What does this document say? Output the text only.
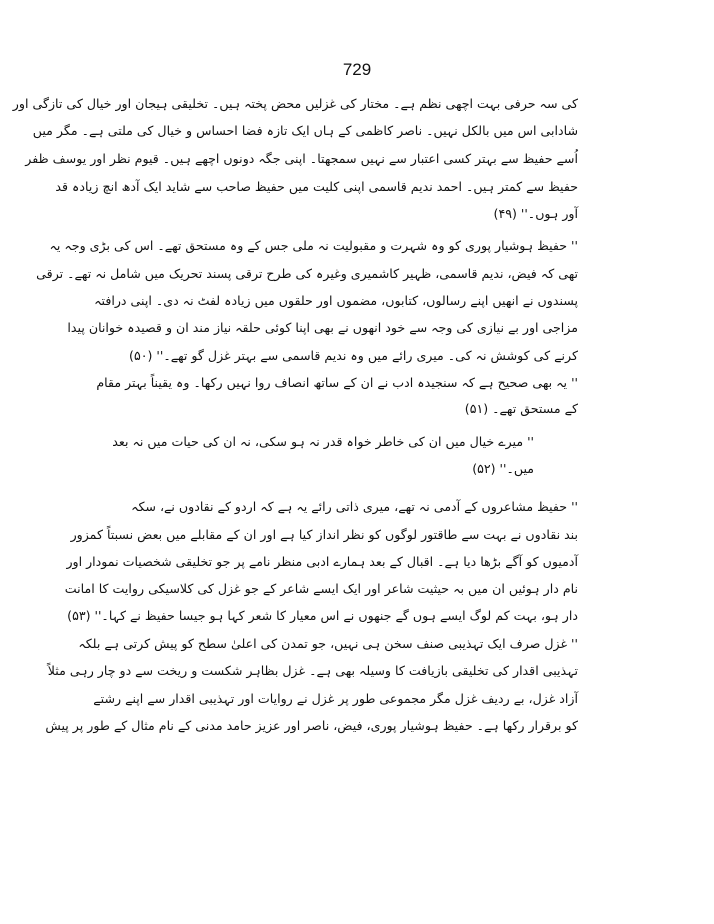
729
کی سہ حرفی بہت اچھی نظم ہے۔ مختار کی غزلیں محض پختہ ہیں۔ تخلیقی ہیجان اور خیال کی تازگی اور
شادابی اس میں بالکل نہیں۔ ناصر کاظمی کے ہاں ایک تازہ فضا احساس و خیال کی ملتی ہے۔ مگر میں
اُسے حفیظ سے بہتر کسی اعتبار سے نہیں سمجھتا۔ اپنی جگہ دونوں اچھے ہیں۔ قیوم نظر اور یوسف ظفر
حفیظ سے کمتر ہیں۔ احمد ندیم قاسمی اپنی کلیت میں حفیظ صاحب سے شاید ایک آدھ انچ زیادہ قد
آور ہوں۔'' (۴۹)
'' حفیظ ہوشیار پوری کو وہ شہرت و مقبولیت نہ ملی جس کے وہ مستحق تھے۔ اس کی بڑی وجہ یہ
تھی کہ فیض، ندیم قاسمی، ظہیر کاشمیری وغیرہ کی طرح ترقی پسند تحریک میں شامل نہ تھے۔ ترقی
پسندوں نے انھیں اپنے رسالوں، کتابوں، مضموں اور حلقوں میں زیادہ لفٹ نہ دی۔ اپنی درافتہ
مزاجی اور بے نیازی کی وجہ سے خود انھوں نے بھی اپنا کوئی حلقہ نیاز مند ان و قصیدہ خوانان پیدا
کرنے کی کوشش نہ کی۔ میری رائے میں وہ ندیم قاسمی سے بہتر غزل گو تھے۔'' (۵۰)
'' یہ بھی صحیح ہے کہ سنجیدہ ادب نے ان کے ساتھ انصاف روا نہیں رکھا۔ وہ یقیناً بہتر مقام
کے مستحق تھے۔ (۵۱)
'' میرے خیال میں ان کی خاطر خواہ قدر نہ ہو سکی، نہ ان کی حیات میں نہ بعد
میں۔'' (۵۲)
'' حفیظ مشاعروں کے آدمی نہ تھے، میری ذاتی رائے یہ ہے کہ اردو کے نقادوں نے، سکہ
بند نقادوں نے بہت سے طاقتور لوگوں کو نظر انداز کیا ہے اور ان کے مقابلے میں بعض نسبتاً کمزور
آدمیوں کو آگے بڑھا دیا ہے۔ اقبال کے بعد ہمارے ادبی منظر نامے پر جو تخلیقی شخصیات نمودار اور
نام دار ہوئیں ان میں بہ حیثیت شاعر اور ایک ایسے شاعر کے جو غزل کی کلاسیکی روایت کا امانت
دار ہو، بہت کم لوگ ایسے ہوں گے جنھوں نے اس معیار کا شعر کہا ہو جیسا حفیظ نے کہا۔'' (۵۳)
'' غزل صرف ایک تہذیبی صنف سخن ہی نہیں، جو تمدن کی اعلیٰ سطح کو پیش کرتی ہے بلکہ
تہذیبی اقدار کی تخلیقی بازیافت کا وسیلہ بھی ہے۔ غزل بظاہر شکست و ریخت سے دو چار رہی مثلاً
آزاد غزل، بے ردیف غزل مگر مجموعی طور پر غزل نے روایات اور تہذیبی اقدار سے اپنے رشتے
کو برقرار رکھا ہے۔ حفیظ ہوشیار پوری، فیض، ناصر اور عزیز حامد مدنی کے نام مثال کے طور پر پیش
